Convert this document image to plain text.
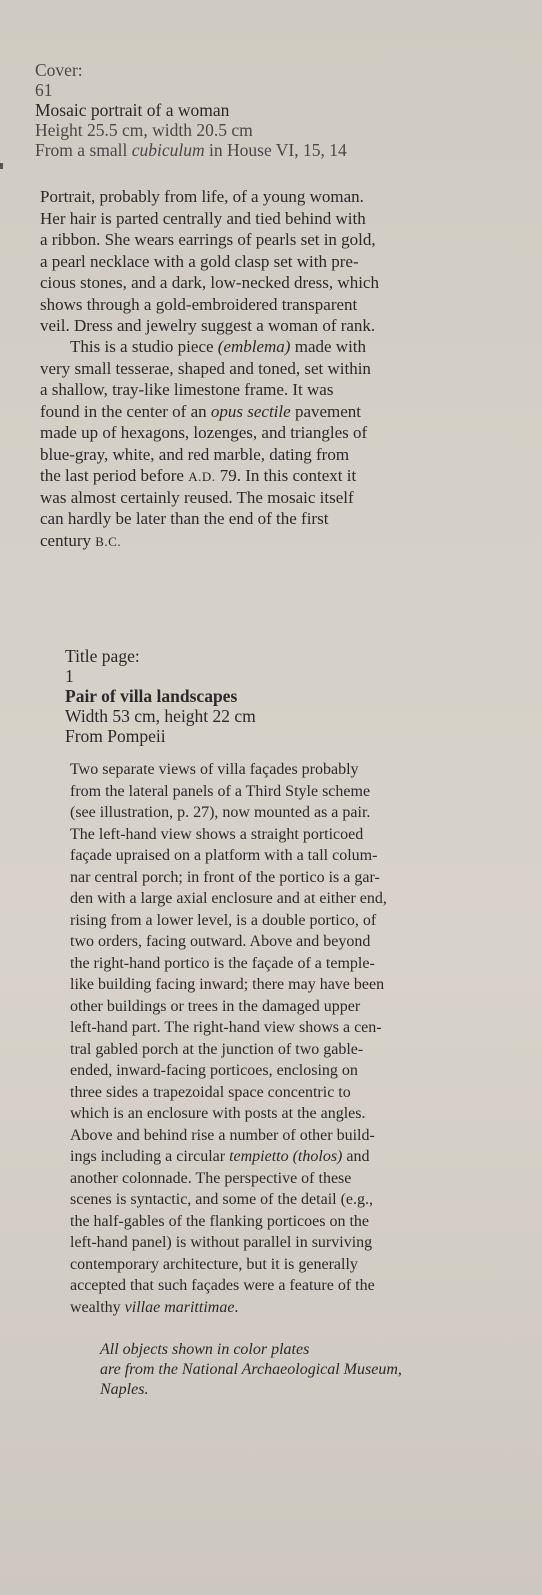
Cover:
61
Mosaic portrait of a woman
Height 25.5 cm, width 20.5 cm
From a small cubiculum in House VI, 15, 14
Portrait, probably from life, of a young woman.
Her hair is parted centrally and tied behind with
a ribbon. She wears earrings of pearls set in gold,
a pearl necklace with a gold clasp set with pre-
cious stones, and a dark, low-necked dress, which
shows through a gold-embroidered transparent
veil. Dress and jewelry suggest a woman of rank.
This is a studio piece (emblema) made with
very small tesserae, shaped and toned, set within
a shallow, tray-like limestone frame. It was
found in the center of an opus sectile pavement
made up of hexagons, lozenges, and triangles of
blue-gray, white, and red marble, dating from
the last period before A.D. 79. In this context it
was almost certainly reused. The mosaic itself
can hardly be later than the end of the first
century B.C.
Title page:
1
Pair of villa landscapes
Width 53 cm, height 22 cm
From Pompeii
Two separate views of villa façades probably
from the lateral panels of a Third Style scheme
(see illustration, p. 27), now mounted as a pair.
The left-hand view shows a straight porticoed
façade upraised on a platform with a tall colum-
nar central porch; in front of the portico is a gar-
den with a large axial enclosure and at either end,
rising from a lower level, is a double portico, of
two orders, facing outward. Above and beyond
the right-hand portico is the façade of a temple-
like building facing inward; there may have been
other buildings or trees in the damaged upper
left-hand part. The right-hand view shows a cen-
tral gabled porch at the junction of two gable-
ended, inward-facing porticoes, enclosing on
three sides a trapezoidal space concentric to
which is an enclosure with posts at the angles.
Above and behind rise a number of other build-
ings including a circular tempietto (tholos) and
another colonnade. The perspective of these
scenes is syntactic, and some of the detail (e.g.,
the half-gables of the flanking porticoes on the
left-hand panel) is without parallel in surviving
contemporary architecture, but it is generally
accepted that such façades were a feature of the
wealthy villae marittimae.
All objects shown in color plates
are from the National Archaeological Museum,
Naples.
